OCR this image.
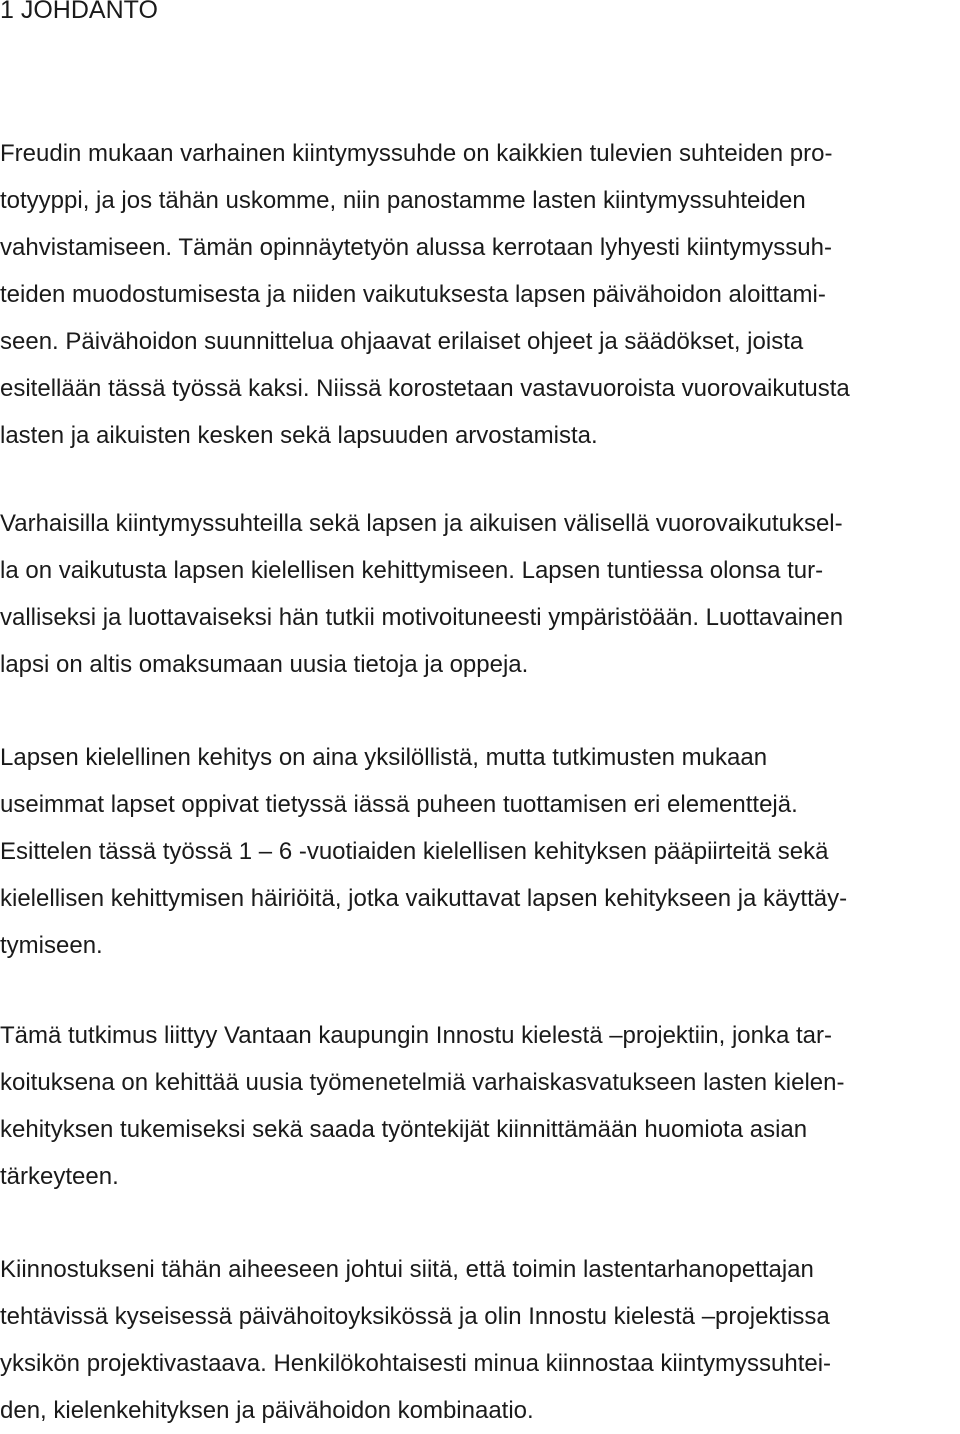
1 JOHDANTO
Freudin mukaan varhainen kiintymyssuhde on kaikkien tulevien suhteiden pro-
totyyppi, ja jos tähän uskomme, niin panostamme lasten kiintymyssuhteiden
vahvistamiseen. Tämän opinnäytetyön alussa kerrotaan lyhyesti kiintymyssuh-
teiden muodostumisesta ja niiden vaikutuksesta lapsen päivähoidon aloittami-
seen. Päivähoidon suunnittelua ohjaavat erilaiset ohjeet ja säädökset, joista
esitellään tässä työssä kaksi. Niissä korostetaan vastavuoroista vuorovaikutusta
lasten ja aikuisten kesken sekä lapsuuden arvostamista.
Varhaisilla kiintymyssuhteilla sekä lapsen ja aikuisen välisellä vuorovaikutuksel-
la on vaikutusta lapsen kielellisen kehittymiseen. Lapsen tuntiessa olonsa tur-
valliseksi ja luottavaiseksi hän tutkii motivoituneesti ympäristöään. Luottavainen
lapsi on altis omaksumaan uusia tietoja ja oppeja.
Lapsen kielellinen kehitys on aina yksilöllistä, mutta tutkimusten mukaan
useimmat lapset oppivat tietyssä iässä puheen tuottamisen eri elementtejä.
Esittelen tässä työssä 1 – 6 -vuotiaiden kielellisen kehityksen pääpiirteitä sekä
kielellisen kehittymisen häiriöitä, jotka vaikuttavat lapsen kehitykseen ja käyttäy-
tymiseen.
Tämä tutkimus liittyy Vantaan kaupungin Innostu kielestä –projektiin, jonka tar-
koituksena on kehittää uusia työmenetelmiä varhaiskasvatukseen lasten kielen-
kehityksen tukemiseksi sekä saada työntekijät kiinnittämään huomiota asian
tärkeyteen.
Kiinnostukseni tähän aiheeseen johtui siitä, että toimin lastentarhanopettajan
tehtävissä kyseisessä päivähoitoyksikössä ja olin Innostu kielestä –projektissa
yksikön projektivastaava. Henkilökohtaisesti minua kiinnostaa kiintymyssuhtei-
den, kielenkehityksen ja päivähoidon kombinaatio.
